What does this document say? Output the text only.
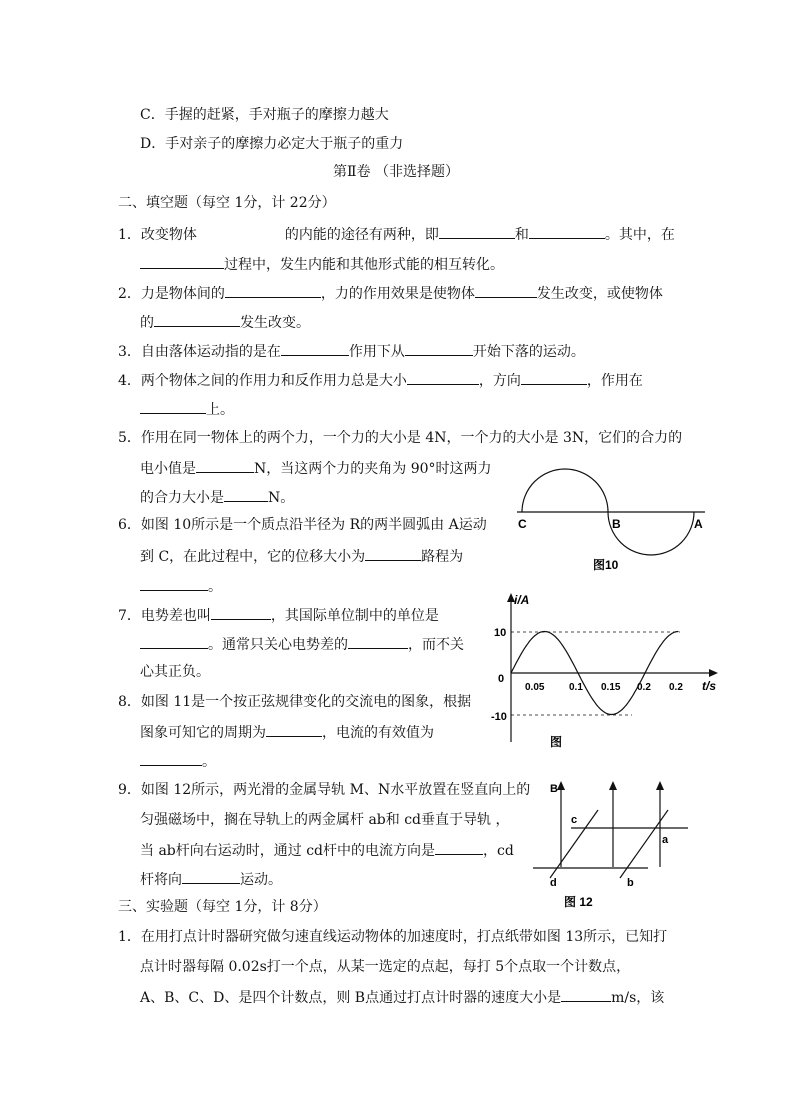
C．手握的赶紧，手对瓶子的摩擦力越大
D．手对亲子的摩擦力必定大于瓶子的重力
第Ⅱ卷 （非选择题）
二、填空题（每空 1分，计 22分）
1．改变物体	的内能的途径有两种，即	和	。其中，在
过程中，发生内能和其他形式能的相互转化。
2．力是物体间的	，力的作用效果是使物体	发生改变，或使物体
的	发生改变。
3．自由落体运动指的是在	作用下从	开始下落的运动。
4．两个物体之间的作用力和反作用力总是大小	，方向	，作用在
上。
5．作用在同一物体上的两个力，一个力的大小是 4N，一个力的大小是 3N，它们的合力的
电小值是	N，当这两个力的夹角为 90°时这两力
的合力大小是	N。
6．如图 10所示是一个质点沿半径为 R的两半圆弧由 A运动
到 C，在此过程中，它的位移大小为	路程为
。
7．电势差也叫	，其国际单位制中的单位是
。通常只关心电势差的	，而不关
心其正负。
8．如图 11是一个按正弦规律变化的交流电的图象，根据
图象可知它的周期为	，电流的有效值为
。
9．如图 12所示，两光滑的金属导轨 M、N水平放置在竖直向上的
匀强磁场中，搁在导轨上的两金属杆 ab和 cd垂直于导轨 ，
当 ab杆向右运动时，通过 cd杆中的电流方向是	，cd
杆将向	运动。
三、实验题（每空 1分，计 8分）
1．在用打点计时器研究做匀速直线运动物体的加速度时，打点纸带如图 13所示，已知打
点计时器每隔 0.02s打一个点，从某一选定的点起，每打 5个点取一个计数点，
A、B、C、D、是四个计数点，则 B点通过打点计时器的速度大小是	m/s，该
C	B	A
图10
i/A
10
0
-10
0.05 0.1 0.15 0.2 0.2 t/s
图
B
c
a
d	b
图 12
